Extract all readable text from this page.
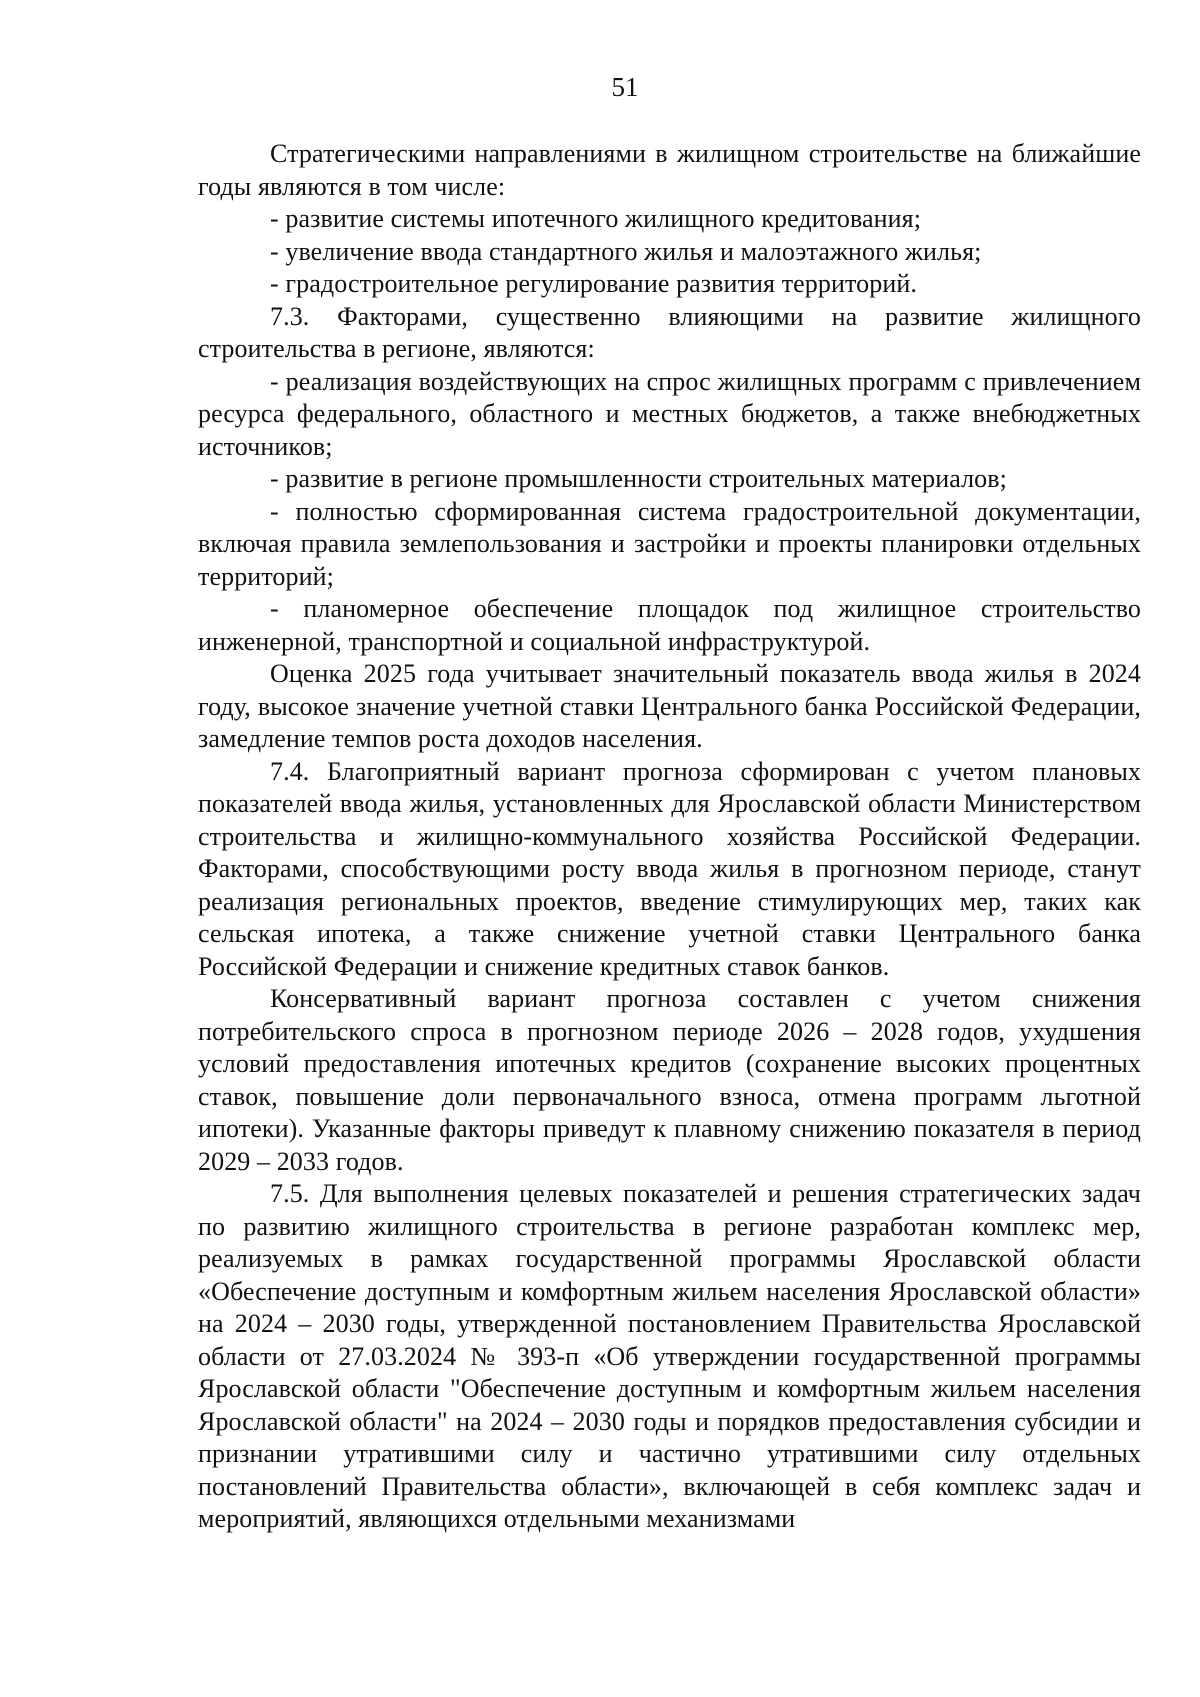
51

Стратегическими направлениями в жилищном строительстве на ближайшие годы являются в том числе:

- развитие системы ипотечного жилищного кредитования;

- увеличение ввода стандартного жилья и малоэтажного жилья;

- градостроительное регулирование развития территорий.

7.3. Факторами, существенно влияющими на развитие жилищного строительства в регионе, являются:

- реализация воздействующих на спрос жилищных программ с привлечением ресурса федерального, областного и местных бюджетов, а также внебюджетных источников;

- развитие в регионе промышленности строительных материалов;

- полностью сформированная система градостроительной документации, включая правила землепользования и застройки и проекты планировки отдельных территорий;

- планомерное обеспечение площадок под жилищное строительство инженерной, транспортной и социальной инфраструктурой.

Оценка 2025 года учитывает значительный показатель ввода жилья в 2024 году, высокое значение учетной ставки Центрального банка Российской Федерации, замедление темпов роста доходов населения.

7.4. Благоприятный вариант прогноза сформирован с учетом плановых показателей ввода жилья, установленных для Ярославской области Министерством строительства и жилищно-коммунального хозяйства Российской Федерации. Факторами, способствующими росту ввода жилья в прогнозном периоде, станут реализация региональных проектов, введение стимулирующих мер, таких как сельская ипотека, а также снижение учетной ставки Центрального банка Российской Федерации и снижение кредитных ставок банков.

Консервативный вариант прогноза составлен с учетом снижения потребительского спроса в прогнозном периоде 2026 – 2028 годов, ухудшения условий предоставления ипотечных кредитов (сохранение высоких процентных ставок, повышение доли первоначального взноса, отмена программ льготной ипотеки). Указанные факторы приведут к плавному снижению показателя в период 2029 – 2033 годов.

7.5. Для выполнения целевых показателей и решения стратегических задач по развитию жилищного строительства в регионе разработан комплекс мер, реализуемых в рамках государственной программы Ярославской области «Обеспечение доступным и комфортным жильем населения Ярославской области» на 2024 – 2030 годы, утвержденной постановлением Правительства Ярославской области от 27.03.2024 № 393-п «Об утверждении государственной программы Ярославской области "Обеспечение доступным и комфортным жильем населения Ярославской области" на 2024 – 2030 годы и порядков предоставления субсидии и признании утратившими силу и частично утратившими силу отдельных постановлений Правительства области», включающей в себя комплекс задач и мероприятий, являющихся отдельными механизмами
